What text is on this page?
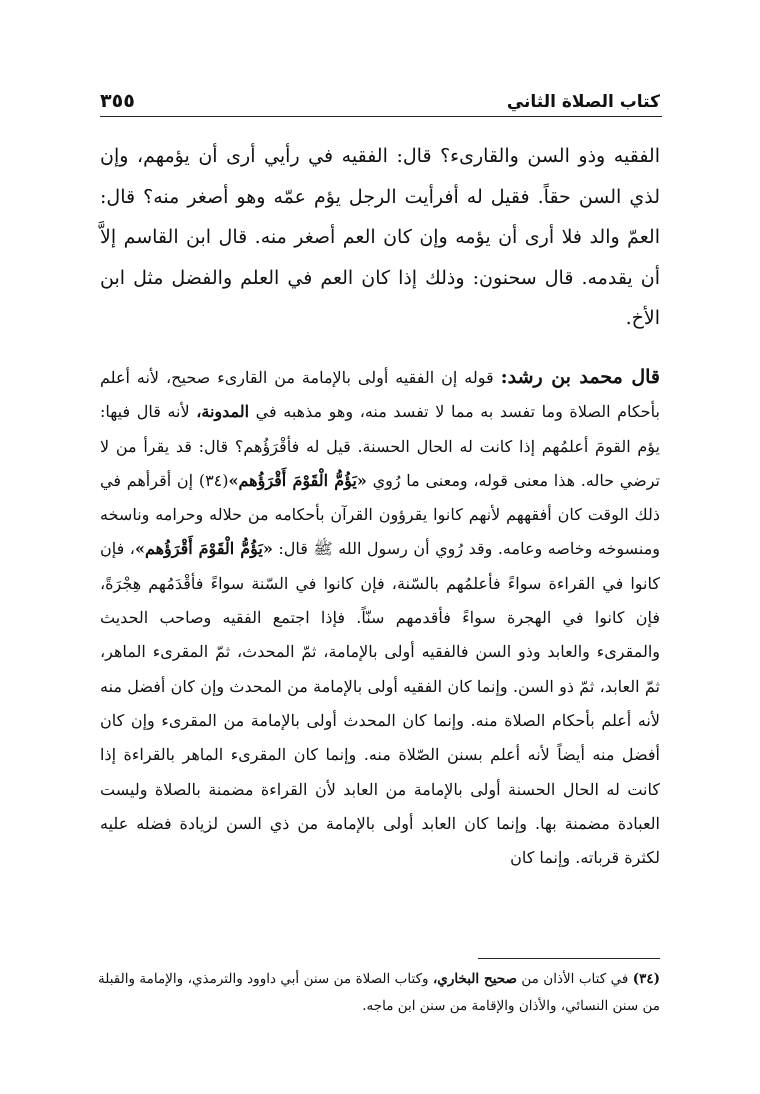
٣٥٥	كتاب الصلاة الثاني
الفقيه وذو السن والقارىء؟ قال: الفقيه في رأيي أرى أن يؤمهم، وإن لذي السن حقاً. فقيل له أفرأيت الرجل يؤم عمّه وهو أصغر منه؟ قال: العمّ والد فلا أرى أن يؤمه وإن كان العم أصغر منه. قال ابن القاسم إلاَّ أن يقدمه. قال سحنون: وذلك إذا كان العم في العلم والفضل مثل ابن الأخ.
قال محمد بن رشد: قوله إن الفقيه أولى بالإمامة من القارىء صحيح، لأنه أعلم بأحكام الصلاة وما تفسد به مما لا تفسد منه، وهو مذهبه في المدونة، لأنه قال فيها: يؤم القومَ أعلمُهم إذا كانت له الحال الحسنة. قيل له فأقْرَؤُهم؟ قال: قد يقرأ من لا ترضي حاله. هذا معنى قوله، ومعنى ما رُوي «يَؤُمُّ الْقَوْمَ أَقْرَؤُهم»(٣٤) إن أقرأهم في ذلك الوقت كان أفقههم لأنهم كانوا يقرؤون القرآن بأحكامه من حلاله وحرامه وناسخه ومنسوخه وخاصه وعامه. وقد رُوي أن رسول الله ﷺ قال: «يَؤُمُّ الْقَوْمَ أَقْرَؤُهم»، فإن كانوا في القراءة سواءً فأعلمُهم بالسّنة، فإن كانوا في السّنة سواءً فأقْدَمُهم هِجْرَةً، فإن كانوا في الهجرة سواءً فأقدمهم سنّاً. فإذا اجتمع الفقيه وصاحب الحديث والمقرىء والعابد وذو السن فالفقيه أولى بالإمامة، ثمّ المحدث، ثمّ المقرىء الماهر، ثمّ العابد، ثمّ ذو السن. وإنما كان الفقيه أولى بالإمامة من المحدث وإن كان أفضل منه لأنه أعلم بأحكام الصلاة منه. وإنما كان المحدث أولى بالإمامة من المقرىء وإن كان أفضل منه أيضاً لأنه أعلم بسنن الصّلاة منه. وإنما كان المقرىء الماهر بالقراءة إذا كانت له الحال الحسنة أولى بالإمامة من العابد لأن القراءة مضمنة بالصلاة وليست العبادة مضمنة بها. وإنما كان العابد أولى بالإمامة من ذي السن لزيادة فضله عليه لكثرة قرباته. وإنما كان
(٣٤) في كتاب الأذان من صحيح البخاري، وكتاب الصلاة من سنن أبي داوود والترمذي، والإمامة والقبلة من سنن النسائي، والأذان والإقامة من سنن ابن ماجه.
